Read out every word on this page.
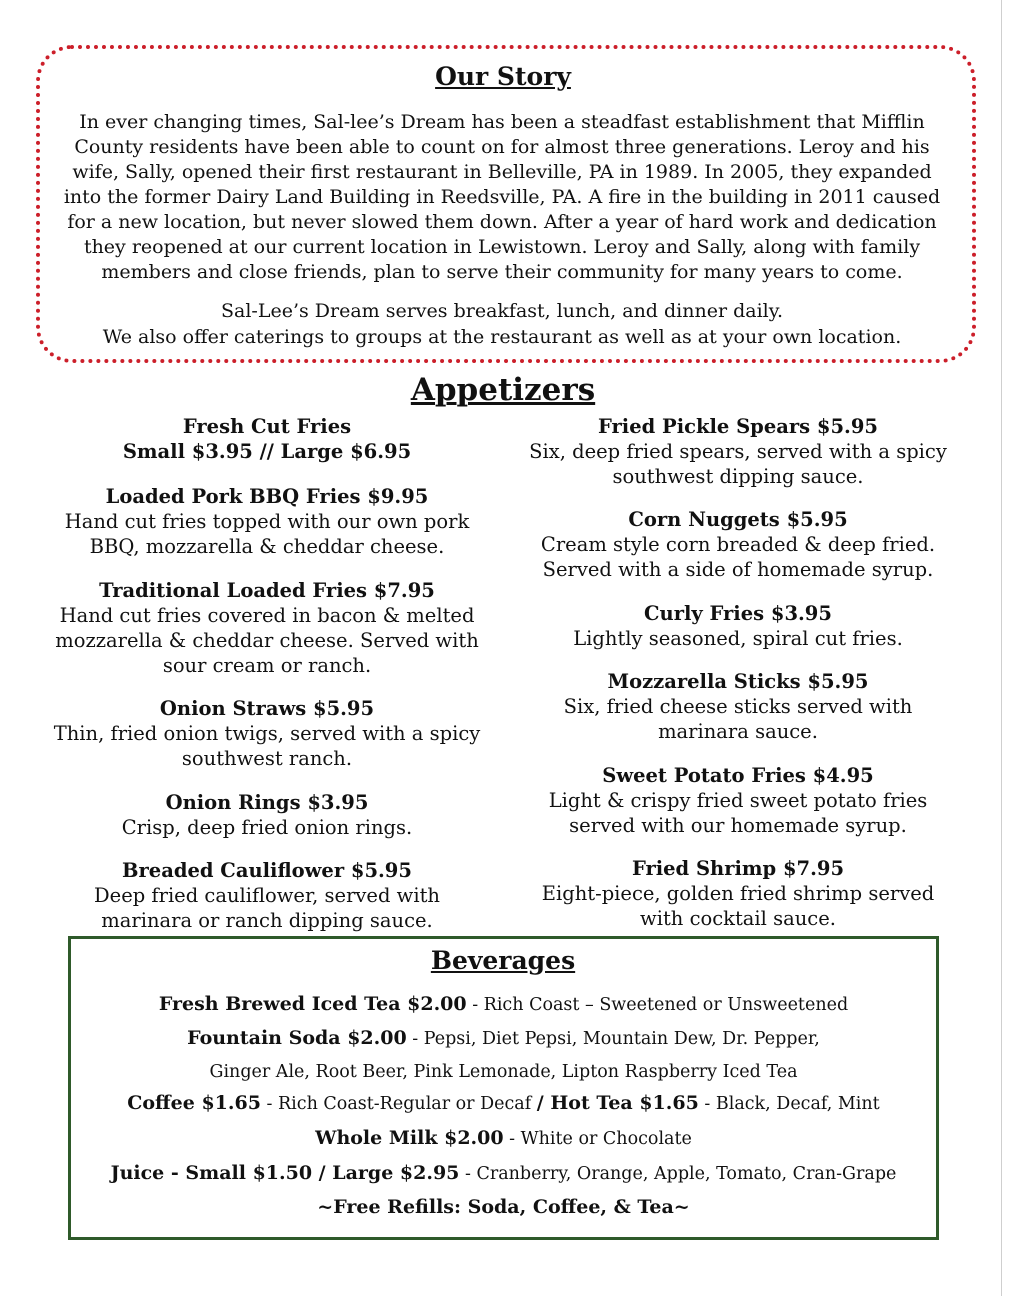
Our Story

In ever changing times, Sal-lee’s Dream has been a steadfast establishment that Mifflin County residents have been able to count on for almost three generations. Leroy and his wife, Sally, opened their first restaurant in Belleville, PA in 1989. In 2005, they expanded into the former Dairy Land Building in Reedsville, PA. A fire in the building in 2011 caused for a new location, but never slowed them down. After a year of hard work and dedication they reopened at our current location in Lewistown. Leroy and Sally, along with family members and close friends, plan to serve their community for many years to come.

Sal-Lee’s Dream serves breakfast, lunch, and dinner daily.
We also offer caterings to groups at the restaurant as well as at your own location.
Appetizers
Fresh Cut Fries
Small $3.95 // Large $6.95
Loaded Pork BBQ Fries $9.95
Hand cut fries topped with our own pork BBQ, mozzarella & cheddar cheese.
Traditional Loaded Fries $7.95
Hand cut fries covered in bacon & melted mozzarella & cheddar cheese. Served with sour cream or ranch.
Onion Straws $5.95
Thin, fried onion twigs, served with a spicy southwest ranch.
Onion Rings $3.95
Crisp, deep fried onion rings.
Breaded Cauliflower $5.95
Deep fried cauliflower, served with marinara or ranch dipping sauce.
Fried Pickle Spears $5.95
Six, deep fried spears, served with a spicy southwest dipping sauce.
Corn Nuggets $5.95
Cream style corn breaded & deep fried. Served with a side of homemade syrup.
Curly Fries $3.95
Lightly seasoned, spiral cut fries.
Mozzarella Sticks $5.95
Six, fried cheese sticks served with marinara sauce.
Sweet Potato Fries $4.95
Light & crispy fried sweet potato fries served with our homemade syrup.
Fried Shrimp $7.95
Eight-piece, golden fried shrimp served with cocktail sauce.
Beverages
Fresh Brewed Iced Tea $2.00 - Rich Coast – Sweetened or Unsweetened
Fountain Soda $2.00 - Pepsi, Diet Pepsi, Mountain Dew, Dr. Pepper,
Ginger Ale, Root Beer, Pink Lemonade, Lipton Raspberry Iced Tea
Coffee $1.65 - Rich Coast-Regular or Decaf / Hot Tea $1.65 - Black, Decaf, Mint
Whole Milk $2.00 - White or Chocolate
Juice - Small $1.50 / Large $2.95 - Cranberry, Orange, Apple, Tomato, Cran-Grape
~Free Refills: Soda, Coffee, & Tea~
